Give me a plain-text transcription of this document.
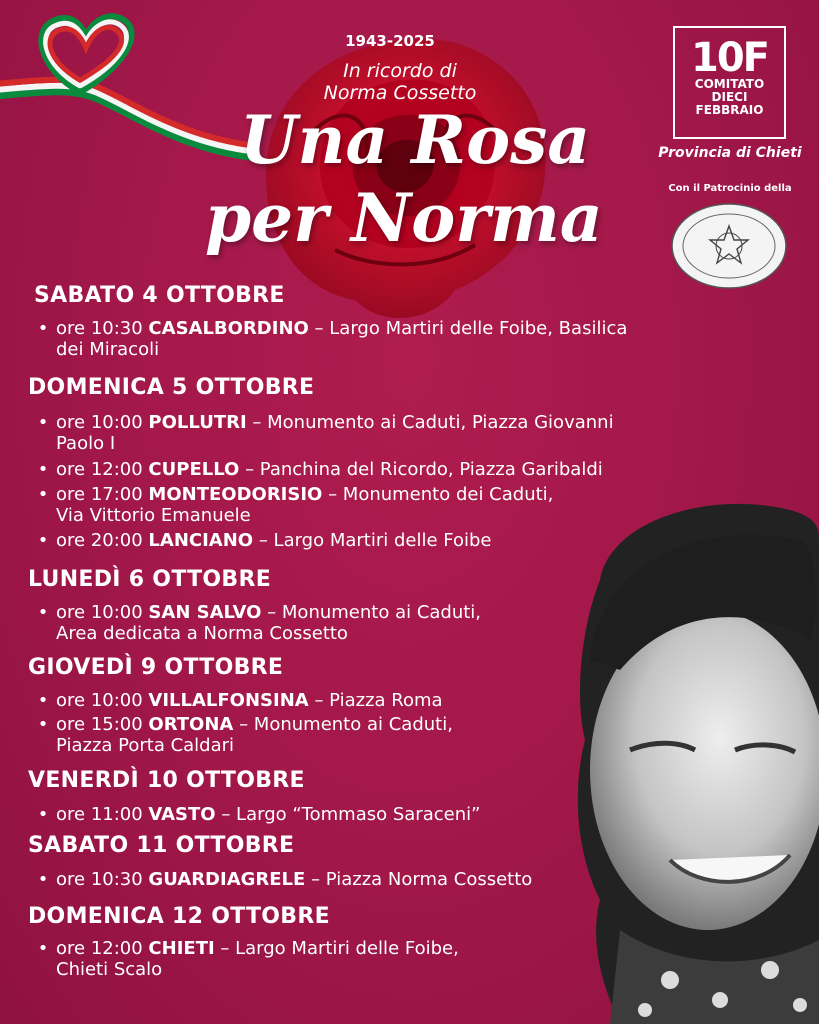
1943-2025
In ricordo di
Norma Cossetto
Una Rosa
per Norma
10F
COMITATO
DIECI
FEBBRAIO
Provincia di Chieti
Con il Patrocinio della
SABATO 4 OTTOBRE
• ore 10:30 CASALBORDINO – Largo Martiri delle Foibe, Basilica
dei Miracoli
DOMENICA 5 OTTOBRE
• ore 10:00 POLLUTRI – Monumento ai Caduti, Piazza Giovanni
Paolo I
• ore 12:00 CUPELLO – Panchina del Ricordo, Piazza Garibaldi
• ore 17:00 MONTEODORISIO – Monumento dei Caduti,
Via Vittorio Emanuele
• ore 20:00 LANCIANO – Largo Martiri delle Foibe
LUNEDÌ 6 OTTOBRE
• ore 10:00 SAN SALVO – Monumento ai Caduti,
Area dedicata a Norma Cossetto
GIOVEDÌ 9 OTTOBRE
• ore 10:00 VILLALFONSINA – Piazza Roma
• ore 15:00 ORTONA – Monumento ai Caduti,
Piazza Porta Caldari
VENERDÌ 10 OTTOBRE
• ore 11:00 VASTO – Largo “Tommaso Saraceni”
SABATO 11 OTTOBRE
• ore 10:30 GUARDIAGRELE – Piazza Norma Cossetto
DOMENICA 12 OTTOBRE
• ore 12:00 CHIETI – Largo Martiri delle Foibe,
Chieti Scalo
